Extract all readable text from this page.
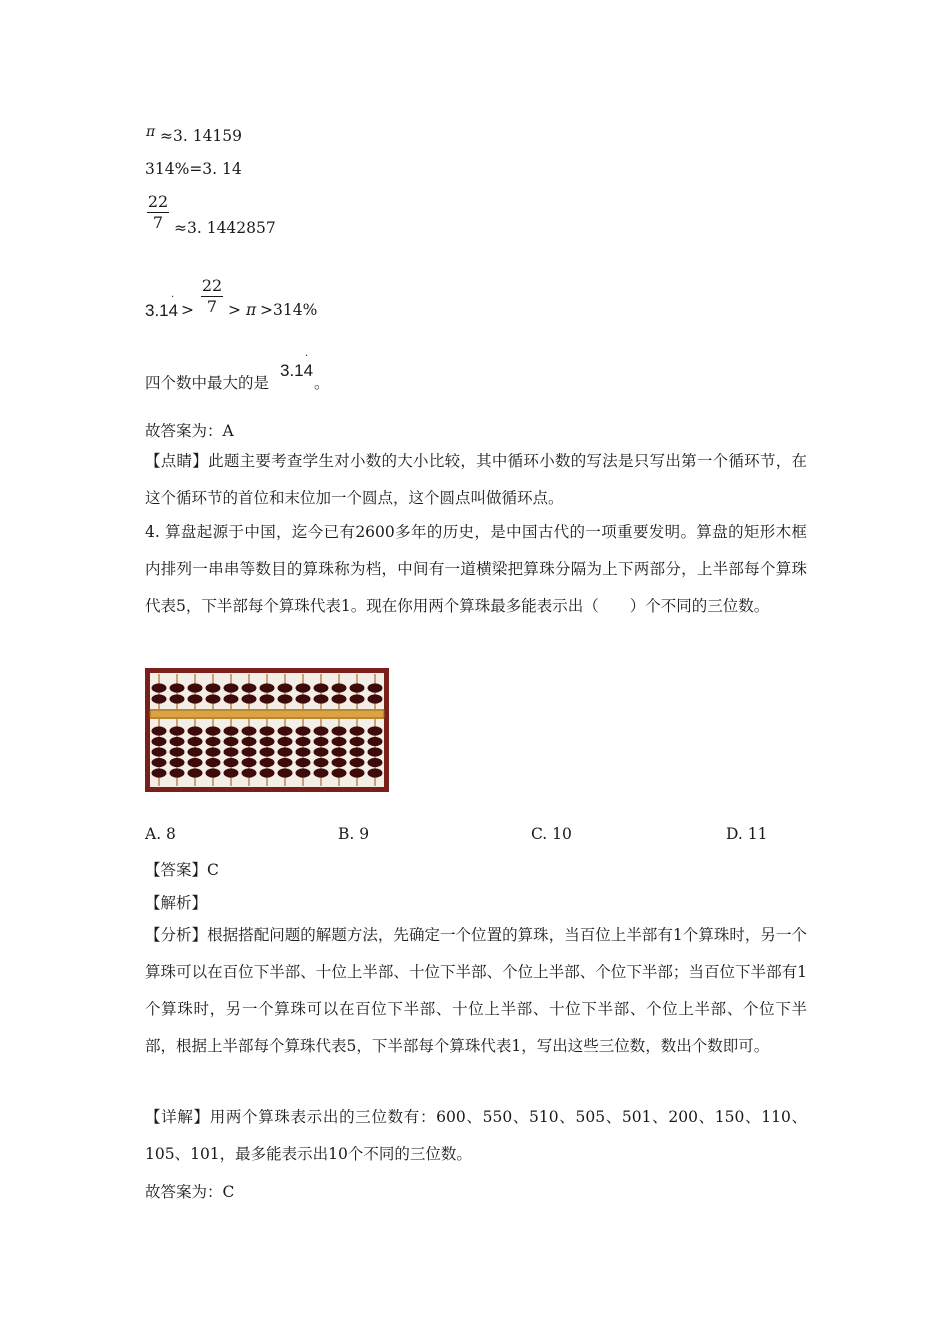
π ≈3. 14159
314%=3. 14
22
7 ≈3. 1442857
3.14
·
>
22
7 > π >314%
四个数中最大的是
3.14
·
。
故答案为：A
【点睛】此题主要考查学生对小数的大小比较，其中循环小数的写法是只写出第一个循环节，在这个循环节的首位和末位加一个圆点，这个圆点叫做循环点。
4. 算盘起源于中国，迄今已有2600多年的历史，是中国古代的一项重要发明。算盘的矩形木框内排列一串串等数目的算珠称为档，中间有一道横梁把算珠分隔为上下两部分，上半部每个算珠代表5，下半部每个算珠代表1。现在你用两个算珠最多能表示出（　　）个不同的三位数。
A. 8	B. 9	C. 10	D. 11
【答案】C
【解析】
【分析】根据搭配问题的解题方法，先确定一个位置的算珠，当百位上半部有1个算珠时，另一个算珠可以在百位下半部、十位上半部、十位下半部、个位上半部、个位下半部；当百位下半部有1个算珠时，另一个算珠可以在百位下半部、十位上半部、十位下半部、个位上半部、个位下半部，根据上半部每个算珠代表5，下半部每个算珠代表1，写出这些三位数，数出个数即可。
【详解】用两个算珠表示出的三位数有：600、550、510、505、501、200、150、110、105、101，最多能表示出10个不同的三位数。
故答案为：C
